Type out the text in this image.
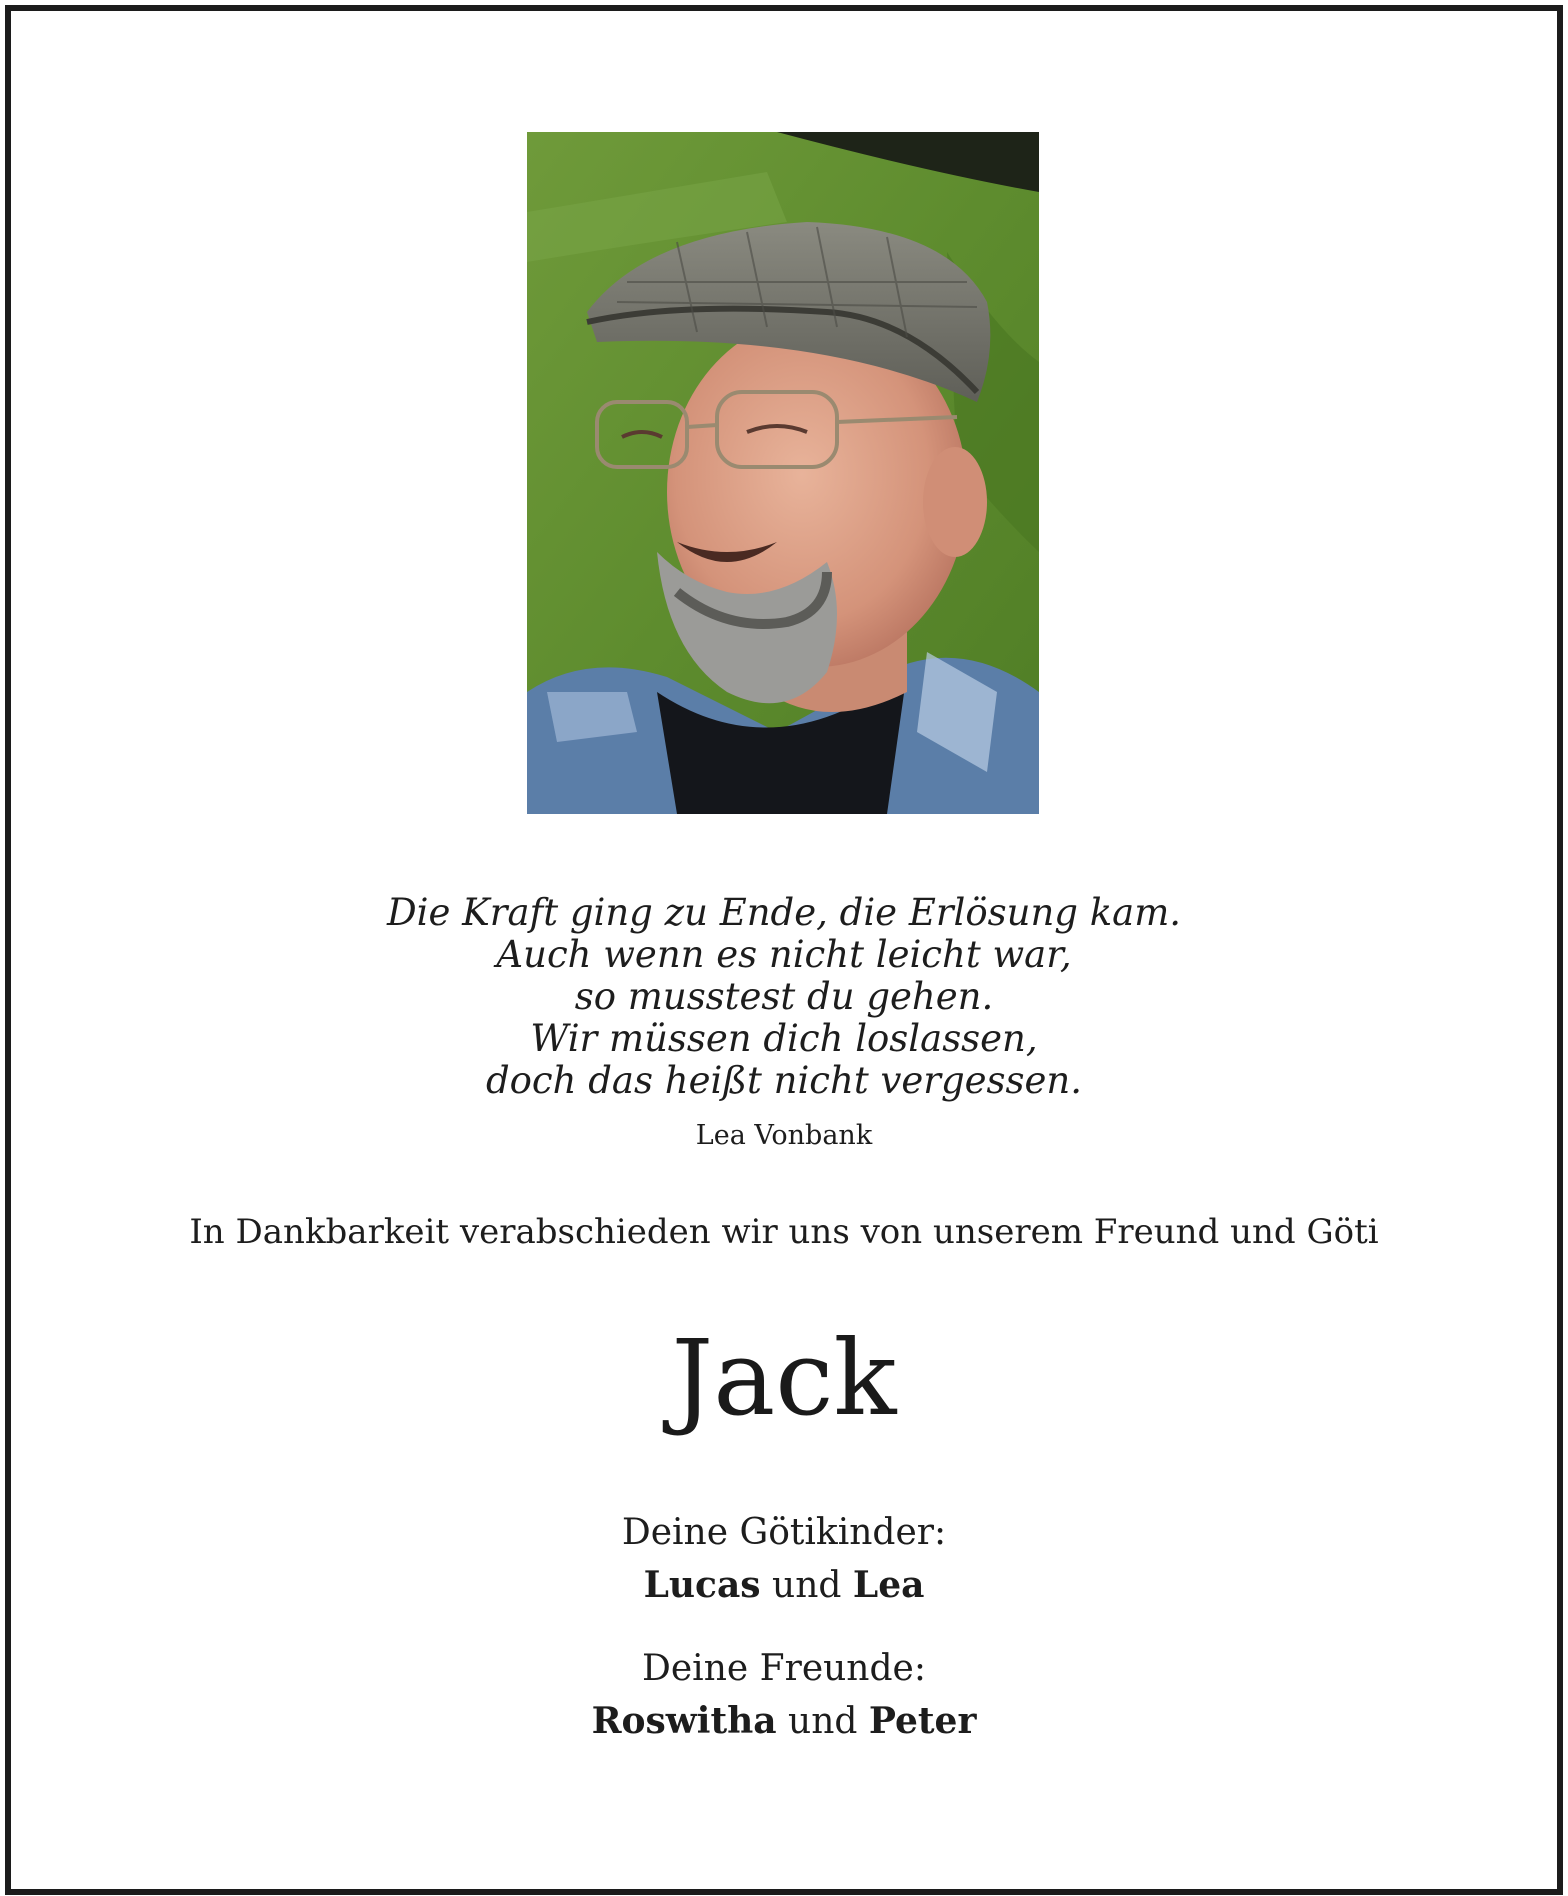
Die Kraft ging zu Ende, die Erlösung kam.
Auch wenn es nicht leicht war,
so musstest du gehen.
Wir müssen dich loslassen,
doch das heißt nicht vergessen.
Lea Vonbank
In Dankbarkeit verabschieden wir uns von unserem Freund und Göti
Jack
Deine Götikinder:
Lucas und Lea
Deine Freunde:
Roswitha und Peter
